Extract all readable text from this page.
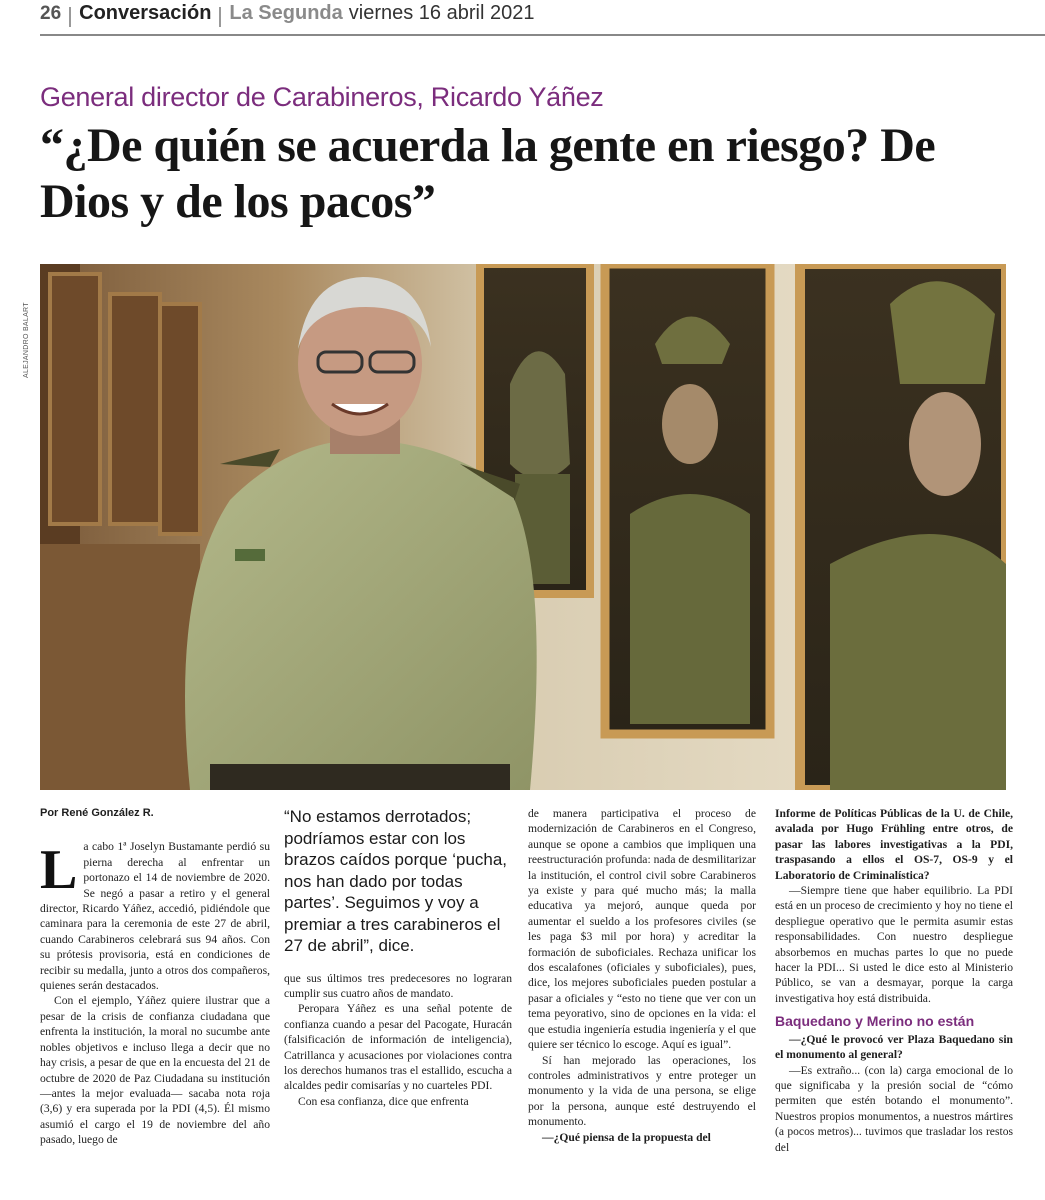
26 Conversación La Segunda viernes 16 abril 2021
General director de Carabineros, Ricardo Yáñez
“¿De quién se acuerda la gente en riesgo? De Dios y de los pacos”
ALEJANDRO BALART
Por René González R.

La cabo 1ª Joselyn Bustamante perdió su pierna derecha al enfrentar un portonazo el 14 de noviembre de 2020. Se negó a pasar a retiro y el general director, Ricardo Yáñez, accedió, pidiéndole que caminara para la ceremonia de este 27 de abril, cuando Carabineros celebrará sus 94 años. Con su prótesis provisoria, está en condiciones de recibir su medalla, junto a otros dos compañeros, quienes serán destacados.

Con el ejemplo, Yáñez quiere ilustrar que a pesar de la crisis de confianza ciudadana que enfrenta la institución, la moral no sucumbe ante nobles objetivos e incluso llega a decir que no hay crisis, a pesar de que en la encuesta del 21 de octubre de 2020 de Paz Ciudadana su institución —antes la mejor evaluada— sacaba nota roja (3,6) y era superada por la PDI (4,5). Él mismo asumió el cargo el 19 de noviembre del año pasado, luego de

“No estamos derrotados; podríamos estar con los brazos caídos porque ‘pucha, nos han dado por todas partes’. Seguimos y voy a premiar a tres carabineros el 27 de abril”, dice.

que sus últimos tres predecesores no lograran cumplir sus cuatro años de mandato.

Peropara Yáñez es una señal potente de confianza cuando a pesar del Pacogate, Huracán (falsificación de información de inteligencia), Catrillanca y acusaciones por violaciones contra los derechos humanos tras el estallido, escucha a alcaldes pedir comisarías y no cuarteles PDI.

Con esa confianza, dice que enfrenta

de manera participativa el proceso de modernización de Carabineros en el Congreso, aunque se opone a cambios que impliquen una reestructuración profunda: nada de desmilitarizar la institución, el control civil sobre Carabineros ya existe y para qué mucho más; la malla educativa ya mejoró, aunque queda por aumentar el sueldo a los profesores civiles (se les paga $3 mil por hora) y acreditar la formación de suboficiales. Rechaza unificar los dos escalafones (oficiales y suboficiales), pues, dice, los mejores suboficiales pueden postular a pasar a oficiales y “esto no tiene que ver con un tema peyorativo, sino de opciones en la vida: el que estudia ingeniería estudia ingeniería y el que quiere ser técnico lo escoge. Aquí es igual”.

Sí han mejorado las operaciones, los controles administrativos y entre proteger un monumento y la vida de una persona, se elige por la persona, aunque esté destruyendo el monumento.

—¿Qué piensa de la propuesta del

Informe de Políticas Públicas de la U. de Chile, avalada por Hugo Frühling entre otros, de pasar las labores investigativas a la PDI, traspasando a ellos el OS-7, OS-9 y el Laboratorio de Criminalística?

—Siempre tiene que haber equilibrio. La PDI está en un proceso de crecimiento y hoy no tiene el despliegue operativo que le permita asumir estas responsabilidades. Con nuestro despliegue absorbemos en muchas partes lo que no puede hacer la PDI... Si usted le dice esto al Ministerio Público, se van a desmayar, porque la carga investigativa hoy está distribuida.

Baquedano y Merino no están

—¿Qué le provocó ver Plaza Baquedano sin el monumento al general?

—Es extraño... (con la) carga emocional de lo que significaba y la presión social de “cómo permiten que estén botando el monumento”. Nuestros propios monumentos, a nuestros mártires (a pocos metros)... tuvimos que trasladar los restos del
